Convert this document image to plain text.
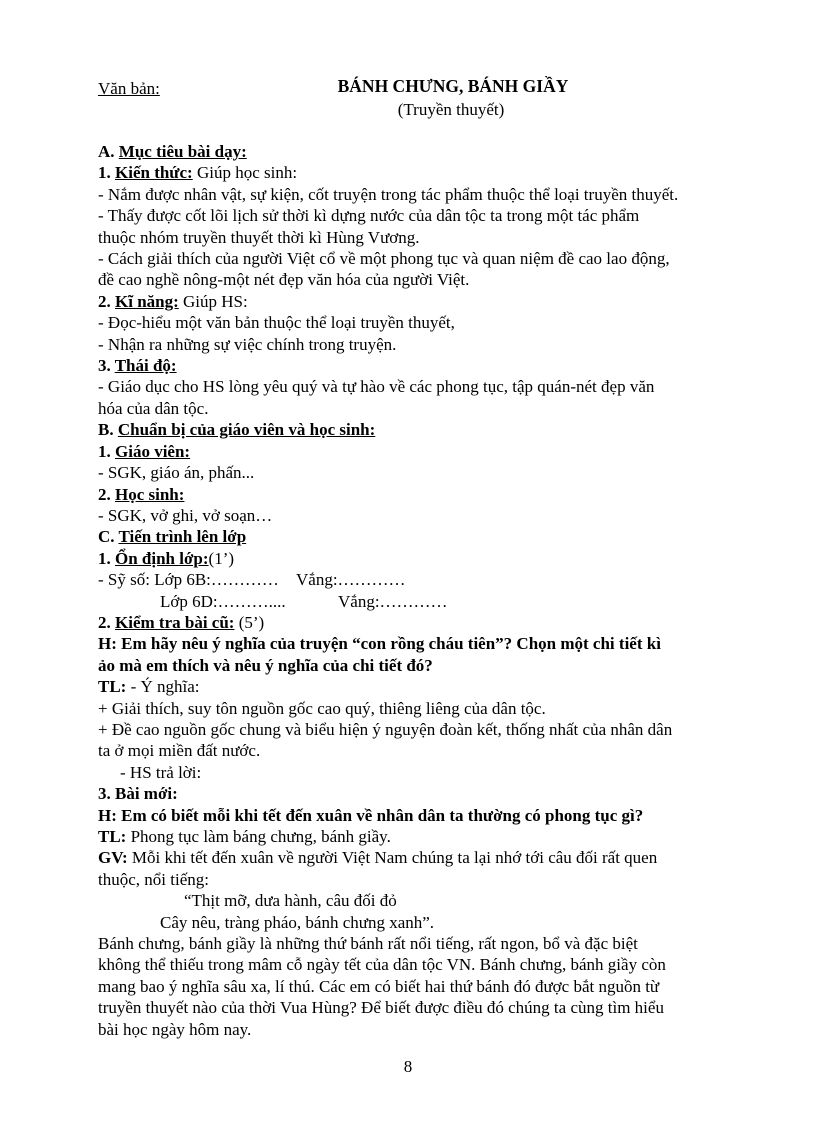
Văn bản:	BÁNH CHƯNG, BÁNH GIẦY
(Truyền thuyết)

A. Mục tiêu bài dạy:

1. Kiến thức: Giúp học sinh:

- Nắm được nhân vật, sự kiện, cốt truyện trong tác phẩm thuộc thể loại truyền thuyết.

- Thấy được cốt lõi lịch sử thời kì dựng nước của dân tộc ta trong một tác phẩm

thuộc nhóm truyền thuyết thời kì Hùng Vương.

- Cách giải thích của người Việt cổ về một phong tục và quan niệm đề cao lao động,

đề cao nghề nông-một nét đẹp văn hóa của người Việt.

2. Kĩ năng: Giúp HS:

- Đọc-hiểu một văn bản thuộc thể loại truyền thuyết,

- Nhận ra những sự việc chính trong truyện.

3. Thái độ:

- Giáo dục cho HS lòng yêu quý và tự hào về các phong tục, tập quán-nét đẹp văn

hóa của dân tộc.

B. Chuẩn bị của giáo viên và học sinh:

1. Giáo viên:

- SGK, giáo án, phấn...

2. Học sinh:

- SGK, vở ghi, vở soạn…

C. Tiến trình lên lớp

1. Ổn định lớp:(1’)

- Sỹ số: Lớp 6B:………… Vắng:…………

Lớp 6D:………....	Vắng:…………

2. Kiểm tra bài cũ: (5’)

H: Em hãy nêu ý nghĩa của truyện “con rồng cháu tiên”? Chọn một chi tiết kì

ảo mà em thích và nêu ý nghĩa của chi tiết đó?

TL: - Ý nghĩa:

+ Giải thích, suy tôn nguồn gốc cao quý, thiêng liêng của dân tộc.

+ Đề cao nguồn gốc chung và biểu hiện ý nguyện đoàn kết, thống nhất của nhân dân

ta ở mọi miền đất nước.

- HS trả lời:

3. Bài mới:

H: Em có biết mỗi khi tết đến xuân về nhân dân ta thường có phong tục gì?

TL: Phong tục làm báng chưng, bánh giầy.

GV: Mỗi khi tết đến xuân về người Việt Nam chúng ta lại nhớ tới câu đối rất quen

thuộc, nổi tiếng:

“Thịt mỡ, dưa hành, câu đối đỏ

Cây nêu, tràng pháo, bánh chưng xanh”.

Bánh chưng, bánh giầy là những thứ bánh rất nổi tiếng, rất ngon, bổ và đặc biệt

không thể thiếu trong mâm cỗ ngày tết của dân tộc VN. Bánh chưng, bánh giầy còn

mang bao ý nghĩa sâu xa, lí thú. Các em có biết hai thứ bánh đó được bắt nguồn từ

truyền thuyết nào của thời Vua Hùng? Để biết được điều đó chúng ta cùng tìm hiểu

bài học ngày hôm nay.

8
